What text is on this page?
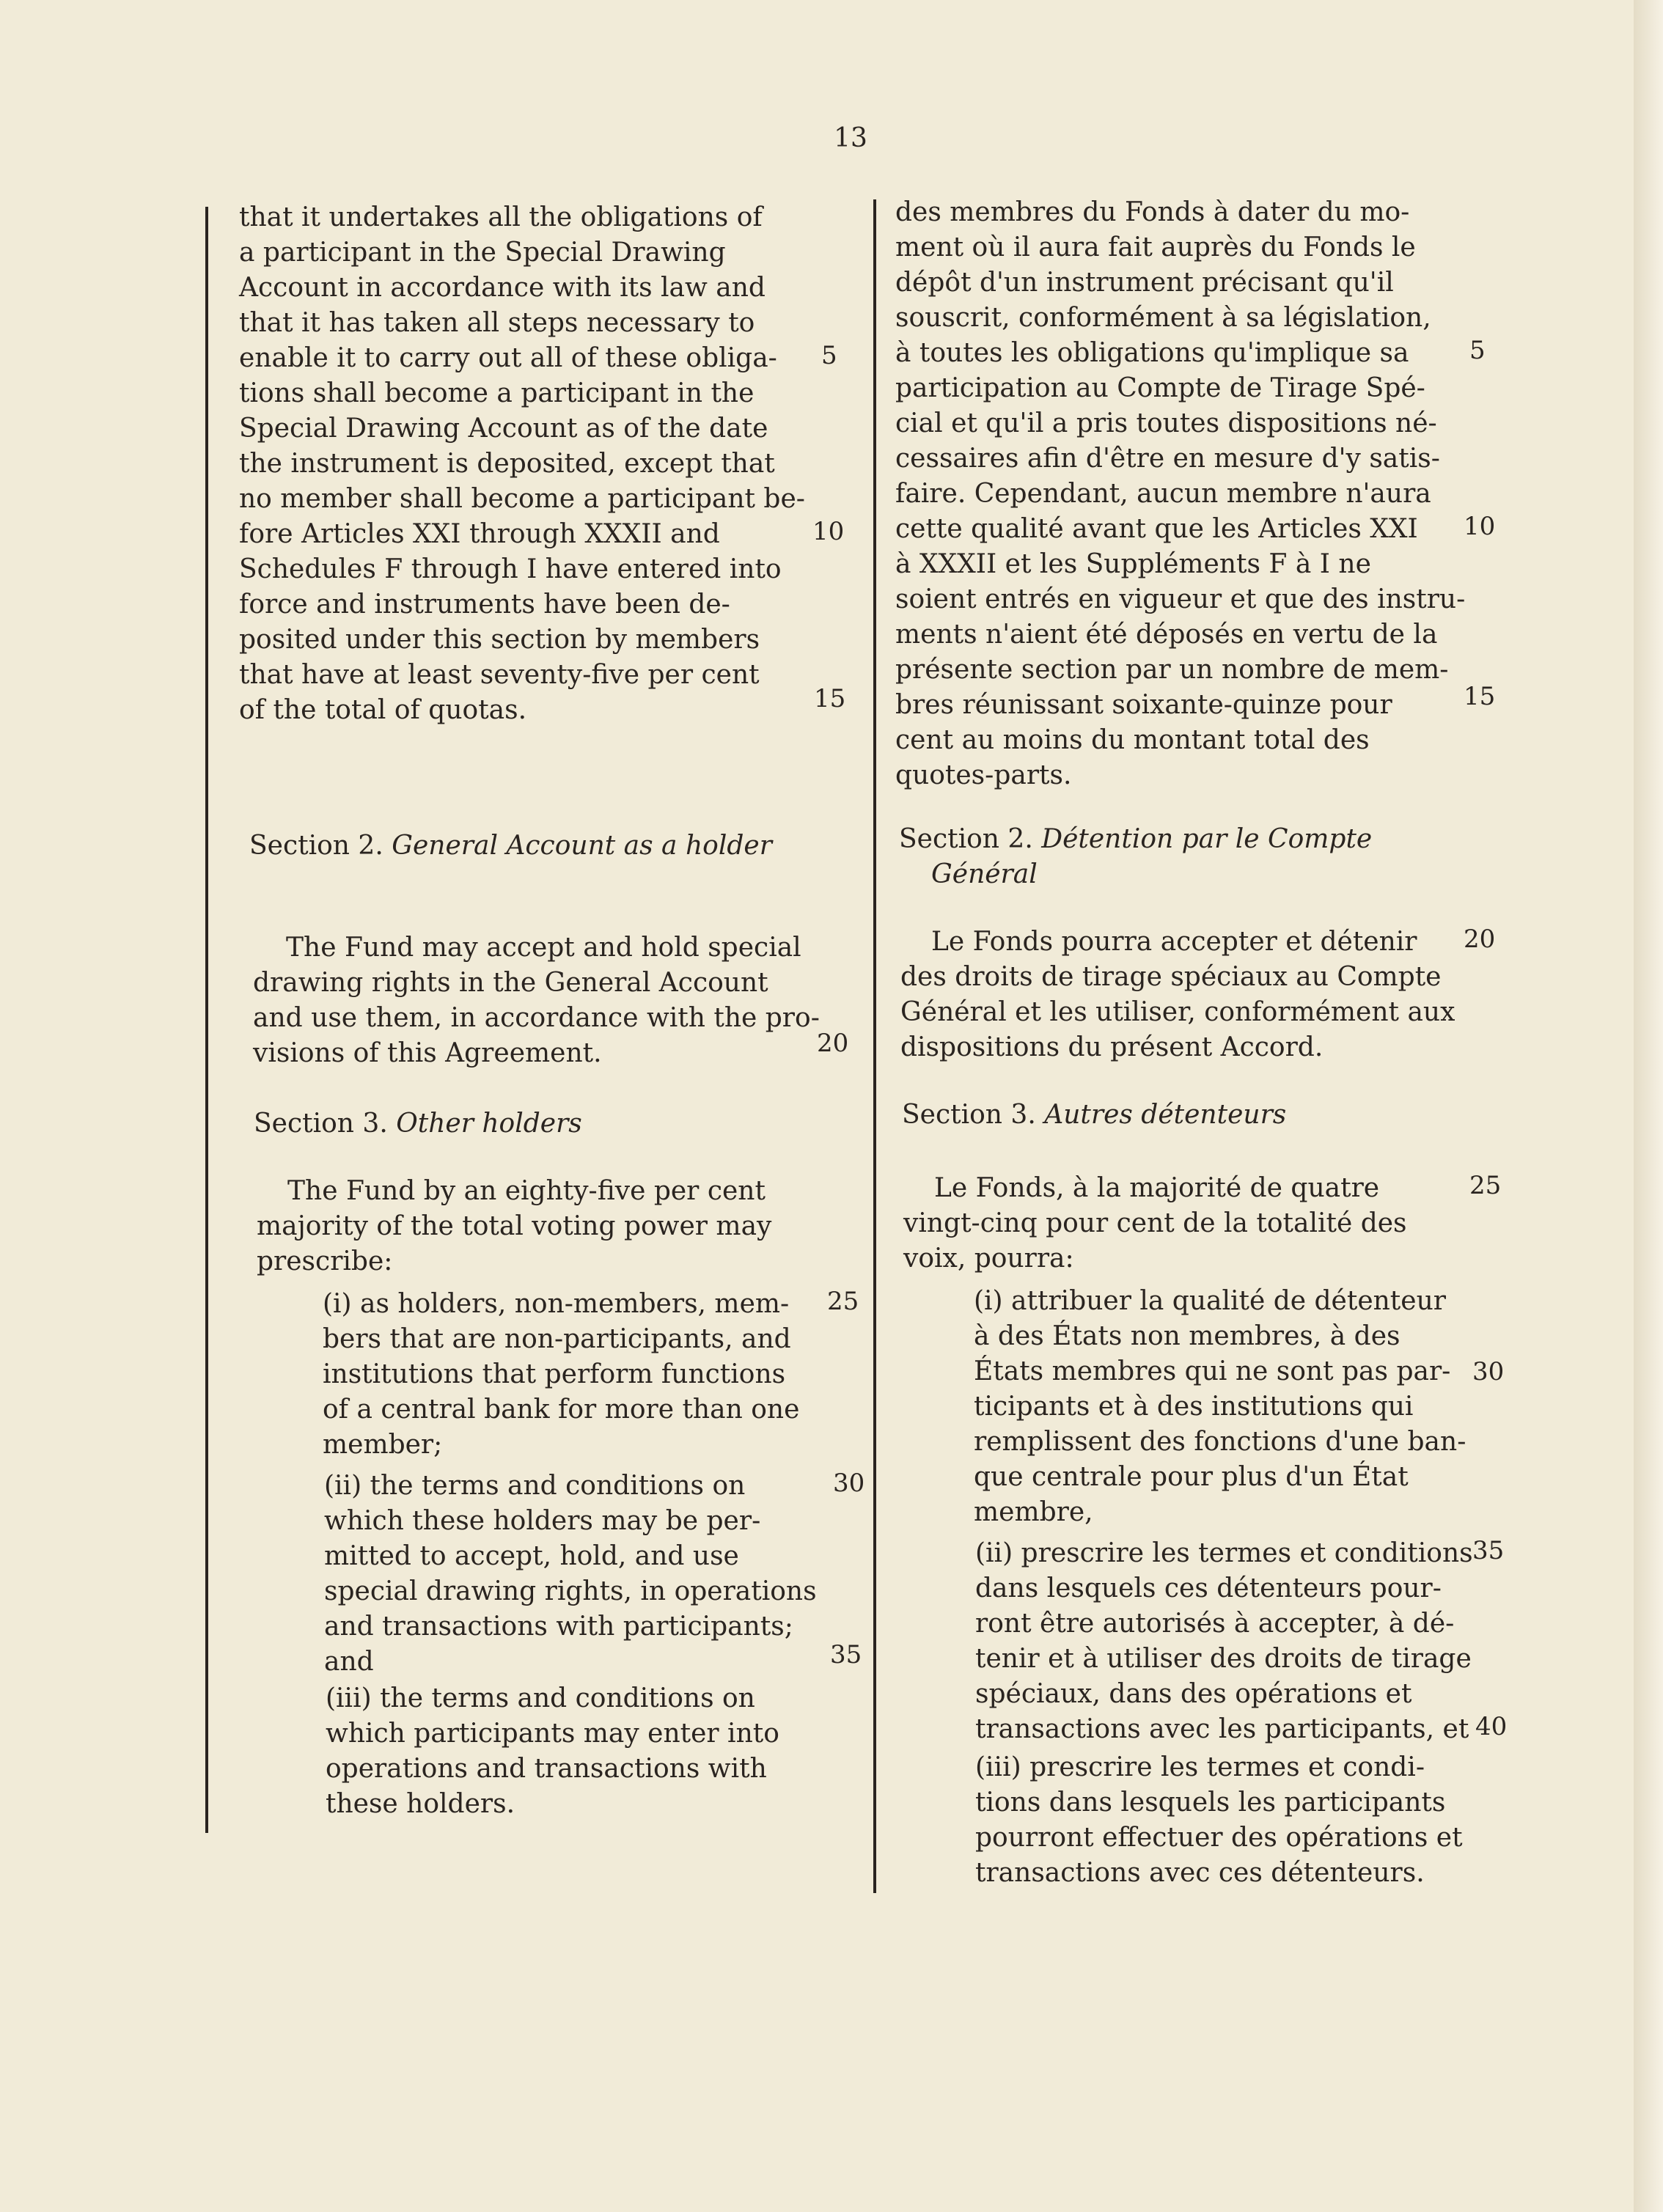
13
that it undertakes all the obligations of
a participant in the Special Drawing
Account in accordance with its law and
that it has taken all steps necessary to
enable it to carry out all of these obliga-
tions shall become a participant in the
Special Drawing Account as of the date
the instrument is deposited, except that
no member shall become a participant be-
fore Articles XXI through XXXII and
Schedules F through I have entered into
force and instruments have been de-
posited under this section by members
that have at least seventy-five per cent
of the total of quotas.
Section 2. General Account as a holder
The Fund may accept and hold special
drawing rights in the General Account
and use them, in accordance with the pro-
visions of this Agreement.
Section 3. Other holders
The Fund by an eighty-five per cent
majority of the total voting power may
prescribe:
(i) as holders, non-members, mem-
bers that are non-participants, and
institutions that perform functions
of a central bank for more than one
member;
(ii) the terms and conditions on
which these holders may be per-
mitted to accept, hold, and use
special drawing rights, in operations
and transactions with participants;
and
(iii) the terms and conditions on
which participants may enter into
operations and transactions with
these holders.
5
10
15
20
25
30
35
des membres du Fonds à dater du mo-
ment où il aura fait auprès du Fonds le
dépôt d'un instrument précisant qu'il
souscrit, conformément à sa législation,
à toutes les obligations qu'implique sa
participation au Compte de Tirage Spé-
cial et qu'il a pris toutes dispositions né-
cessaires afin d'être en mesure d'y satis-
faire. Cependant, aucun membre n'aura
cette qualité avant que les Articles XXI
à XXXII et les Suppléments F à I ne
soient entrés en vigueur et que des instru-
ments n'aient été déposés en vertu de la
présente section par un nombre de mem-
bres réunissant soixante-quinze pour
cent au moins du montant total des
quotes-parts.
Section 2. Détention par le Compte
Général
Le Fonds pourra accepter et détenir
des droits de tirage spéciaux au Compte
Général et les utiliser, conformément aux
dispositions du présent Accord.
Section 3. Autres détenteurs
Le Fonds, à la majorité de quatre
vingt-cinq pour cent de la totalité des
voix, pourra:
(i) attribuer la qualité de détenteur
à des États non membres, à des
États membres qui ne sont pas par-
ticipants et à des institutions qui
remplissent des fonctions d'une ban-
que centrale pour plus d'un État
membre,
(ii) prescrire les termes et conditions
dans lesquels ces détenteurs pour-
ront être autorisés à accepter, à dé-
tenir et à utiliser des droits de tirage
spéciaux, dans des opérations et
transactions avec les participants, et
(iii) prescrire les termes et condi-
tions dans lesquels les participants
pourront effectuer des opérations et
transactions avec ces détenteurs.
5
10
15
20
25
30
35
40
